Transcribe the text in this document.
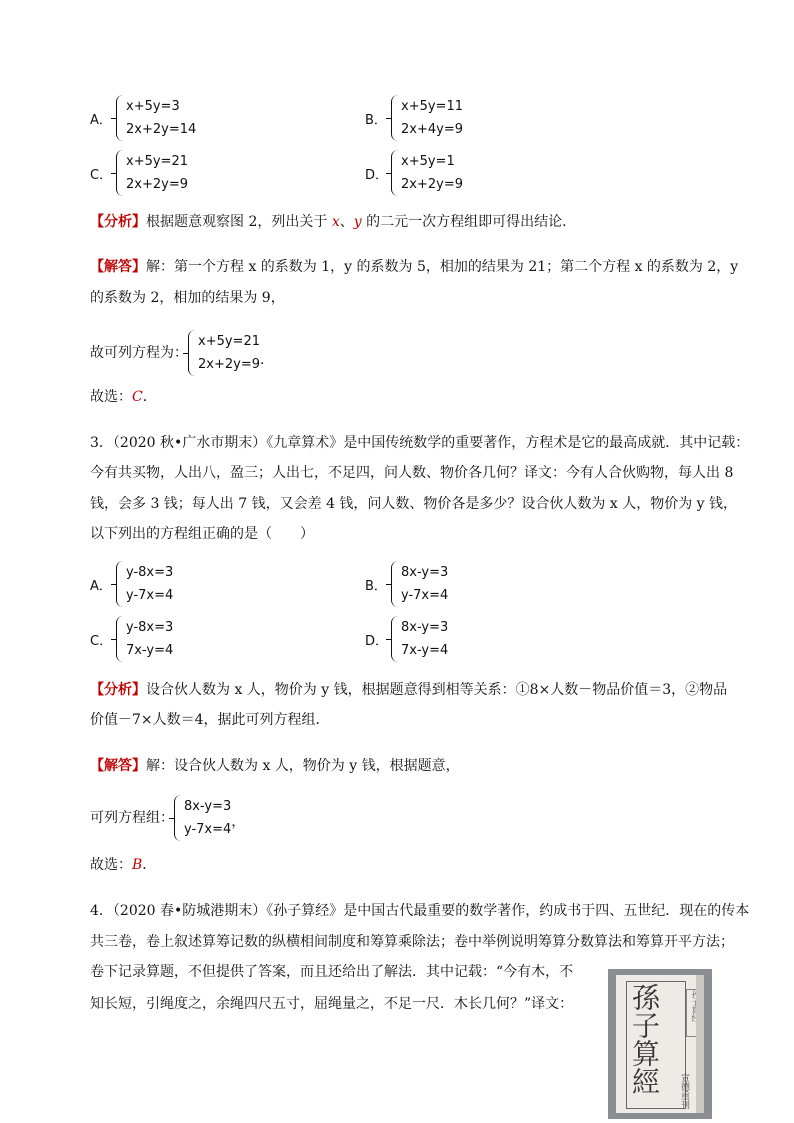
A．
x+5y=3
2x+2y=14
B．
x+5y=11
2x+4y=9
C．
x+5y=21
2x+2y=9
D．
x+5y=1
2x+2y=9
【分析】根据题意观察图 2，列出关于 x、y 的二元一次方程组即可得出结论．
【解答】解：第一个方程 x 的系数为 1，y 的系数为 5，相加的结果为 21；第二个方程 x 的系数为 2，y
的系数为 2，相加的结果为 9，
故可列方程为：
x+5y=21
2x+2y=9 .
故选：C．
3．（2020 秋•广水市期末）《九章算术》是中国传统数学的重要著作，方程术是它的最高成就．其中记载：
今有共买物，人出八，盈三；人出七，不足四，问人数、物价各几何？译文：今有人合伙购物，每人出 8
钱，会多 3 钱；每人出 7 钱，又会差 4 钱，问人数、物价各是多少？设合伙人数为 x 人，物价为 y 钱，
以下列出的方程组正确的是（　　）
A．
y-8x=3
y-7x=4
B．
8x-y=3
y-7x=4
C．
y-8x=3
7x-y=4
D．
8x-y=3
7x-y=4
【分析】设合伙人数为 x 人，物价为 y 钱，根据题意得到相等关系：①8×人数－物品价值＝3，②物品
价值－7×人数＝4，据此可列方程组．
【解答】解：设合伙人数为 x 人，物价为 y 钱，根据题意，
可列方程组：
8x-y=3
y-7x=4 ，
故选：B．
4．（2020 春•防城港期末）《孙子算经》是中国古代最重要的数学著作，约成书于四、五世纪．现在的传本
共三卷，卷上叙述算筹记数的纵横相间制度和筹算乘除法；卷中举例说明筹算分数算法和筹算开平方法；
卷下记录算题，不但提供了答案，而且还给出了解法．其中记载：“今有木，不
知长短，引绳度之，余绳四尺五寸，屈绳量之，不足一尺．木长几何？”译文： 孫子算經 宣德重刊
